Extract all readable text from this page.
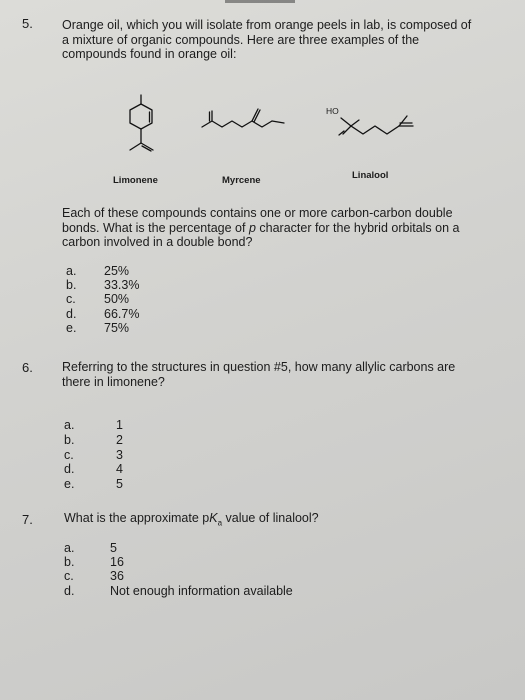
5. Orange oil, which you will isolate from orange peels in lab, is composed of
a mixture of organic compounds. Here are three examples of the
compounds found in orange oil:
Limonene	Myrcene
HO
Linalool
Each of these compounds contains one or more carbon-carbon double
bonds. What is the percentage of p character for the hybrid orbitals on a
carbon involved in a double bond?
a. 25%
b. 33.3%
c. 50%
d. 66.7%
e. 75%
6. Referring to the structures in question #5, how many allylic carbons are
there in limonene?
a.	1
b.	2
c.	3
d.	4
e.	5
7. What is the approximate $pK_a$ value of linalool?
a.	5
b.	16
c.	36
d.	Not enough information available
